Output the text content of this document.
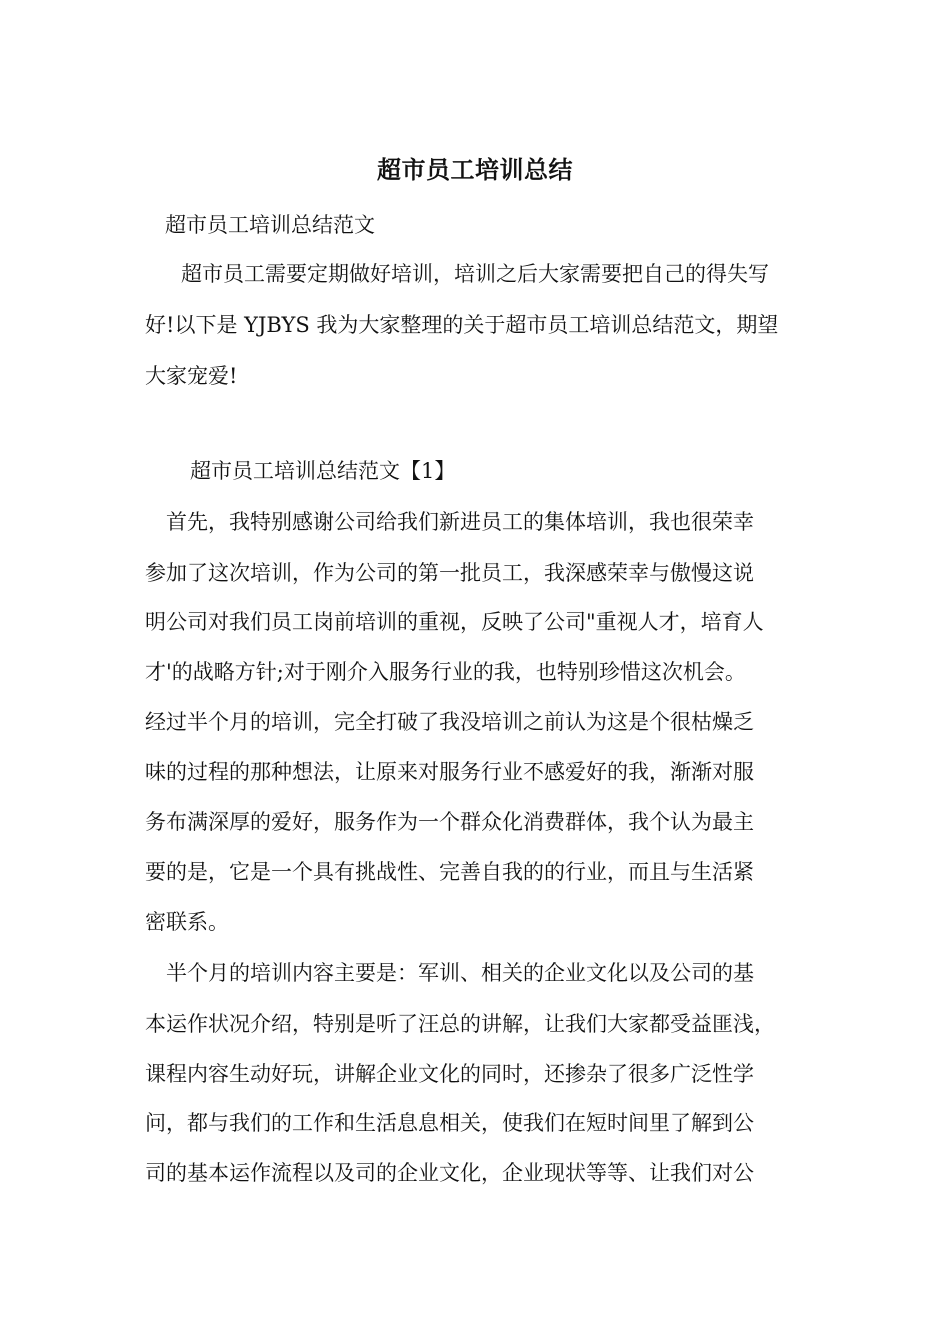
超市员工培训总结
超市员工培训总结范文
超市员工需要定期做好培训，培训之后大家需要把自己的得失写
好!以下是 YJBYS 我为大家整理的关于超市员工培训总结范文，期望
大家宠爱!
超市员工培训总结范文【1】
首先，我特别感谢公司给我们新进员工的集体培训，我也很荣幸
参加了这次培训，作为公司的第一批员工，我深感荣幸与傲慢这说
明公司对我们员工岗前培训的重视，反映了公司"重视人才，培育人
才'的战略方针;对于刚介入服务行业的我，也特别珍惜这次机会。
经过半个月的培训，完全打破了我没培训之前认为这是个很枯燥乏
味的过程的那种想法，让原来对服务行业不感爱好的我，渐渐对服
务布满深厚的爱好，服务作为一个群众化消费群体，我个认为最主
要的是，它是一个具有挑战性、完善自我的的行业，而且与生活紧
密联系。
半个月的培训内容主要是：军训、相关的企业文化以及公司的基
本运作状况介绍，特别是听了汪总的讲解，让我们大家都受益匪浅，
课程内容生动好玩，讲解企业文化的同时，还掺杂了很多广泛性学
问，都与我们的工作和生活息息相关，使我们在短时间里了解到公
司的基本运作流程以及司的企业文化，企业现状等等、让我们对公
